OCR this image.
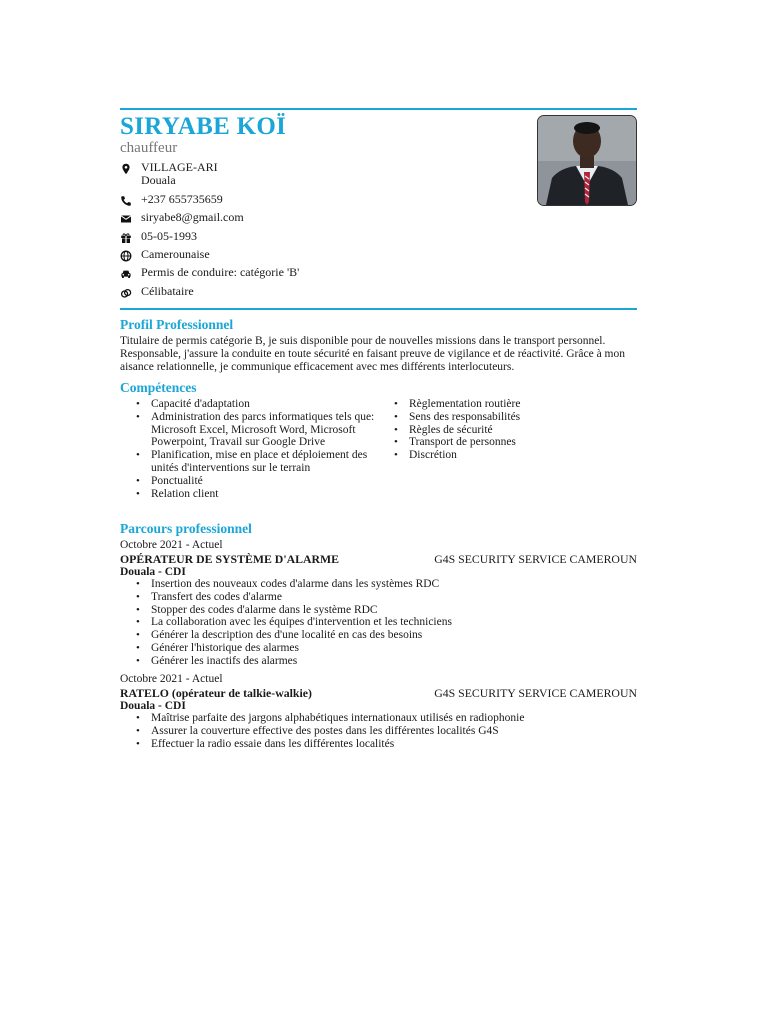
SIRYABE KOÏ
chauffeur
VILLAGE-ARI
Douala
+237 655735659
siryabe8@gmail.com
05-05-1993
Camerounaise
Permis de conduire: catégorie 'B'
Célibataire
Profil Professionnel
Titulaire de permis catégorie B, je suis disponible pour de nouvelles missions dans le transport personnel. Responsable, j'assure la conduite en toute sécurité en faisant preuve de vigilance et de réactivité. Grâce à mon aisance relationnelle, je communique efficacement avec mes différents interlocuteurs.
Compétences
• Capacité d'adaptation
• Administration des parcs informatiques tels que: Microsoft Excel, Microsoft Word, Microsoft Powerpoint, Travail sur Google Drive
• Planification, mise en place et déploiement des unités d'interventions sur le terrain
• Ponctualité
• Relation client
• Règlementation routière
• Sens des responsabilités
• Règles de sécurité
• Transport de personnes
• Discrétion
Parcours professionnel
Octobre 2021 - Actuel
OPÉRATEUR DE SYSTÈME D'ALARME	G4S SECURITY SERVICE CAMEROUN
Douala - CDI
• Insertion des nouveaux codes d'alarme dans les systèmes RDC
• Transfert des codes d'alarme
• Stopper des codes d'alarme dans le système RDC
• La collaboration avec les équipes d'intervention et les techniciens
• Générer la description des d'une localité en cas des besoins
• Générer l'historique des alarmes
• Générer les inactifs des alarmes
Octobre 2021 - Actuel
RATELO (opérateur de talkie-walkie)	G4S SECURITY SERVICE CAMEROUN
Douala - CDI
• Maîtrise parfaite des jargons alphabétiques internationaux utilisés en radiophonie
• Assurer la couverture effective des postes dans les différentes localités G4S
• Effectuer la radio essaie dans les différentes localités
